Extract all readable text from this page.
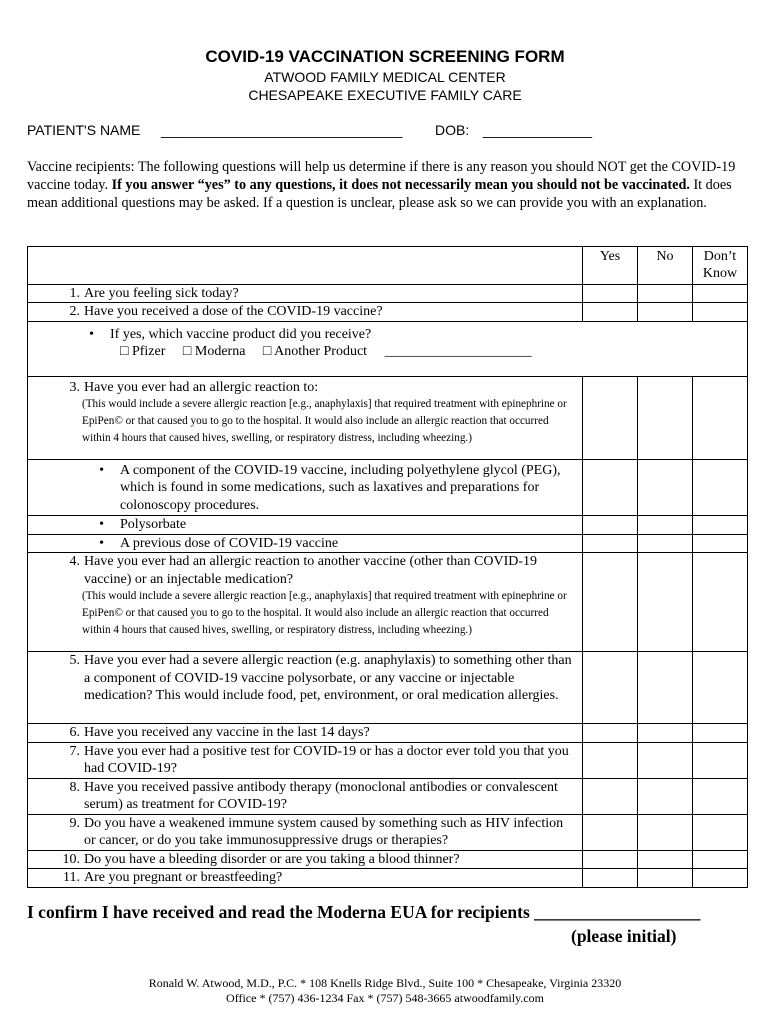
COVID-19 VACCINATION SCREENING FORM
ATWOOD FAMILY MEDICAL CENTER
CHESAPEAKE EXECUTIVE FAMILY CARE
PATIENT'S NAME _______________________________ DOB: ______________
Vaccine recipients: The following questions will help us determine if there is any reason you should NOT get the COVID-19 vaccine today. If you answer “yes” to any questions, it does not necessarily mean you should not be vaccinated. It does mean additional questions may be asked. If a question is unclear, please ask so we can provide you with an explanation.
	Yes	No	Don’t
Know

1. Are you feeling sick today?			

2. Have you received a dose of the COVID-19 vaccine?			

• If yes, which vaccine product did you receive?
□ Pfizer □ Moderna □ Another Product _____________________			

3. Have you ever had an allergic reaction to:
(This would include a severe allergic reaction [e.g., anaphylaxis] that required treatment with epinephrine or EpiPen© or that caused you to go to the hospital. It would also include an allergic reaction that occurred within 4 hours that caused hives, swelling, or respiratory distress, including wheezing.)			

• A component of the COVID-19 vaccine, including polyethylene glycol (PEG), which is found in some medications, such as laxatives and preparations for colonoscopy procedures.			

• Polysorbate			

• A previous dose of COVID-19 vaccine			

4. Have you ever had an allergic reaction to another vaccine (other than COVID-19 vaccine) or an injectable medication?
(This would include a severe allergic reaction [e.g., anaphylaxis] that required treatment with epinephrine or EpiPen© or that caused you to go to the hospital. It would also include an allergic reaction that occurred within 4 hours that caused hives, swelling, or respiratory distress, including wheezing.)			

5. Have you ever had a severe allergic reaction (e.g. anaphylaxis) to something other than a component of COVID-19 vaccine polysorbate, or any vaccine or injectable medication? This would include food, pet, environment, or oral medication allergies.			

6. Have you received any vaccine in the last 14 days?			

7. Have you ever had a positive test for COVID-19 or has a doctor ever told you that you had COVID-19?			

8. Have you received passive antibody therapy (monoclonal antibodies or convalescent serum) as treatment for COVID-19?			

9. Do you have a weakened immune system caused by something such as HIV infection or cancer, or do you take immunosuppressive drugs or therapies?			

10. Do you have a bleeding disorder or are you taking a blood thinner?			

11. Are you pregnant or breastfeeding?			

I confirm I have received and read the Moderna EUA for recipients ___________________
(please initial)
Ronald W. Atwood, M.D., P.C. * 108 Knells Ridge Blvd., Suite 100 * Chesapeake, Virginia 23320
Office * (757) 436-1234 Fax * (757) 548-3665 atwoodfamily.com
